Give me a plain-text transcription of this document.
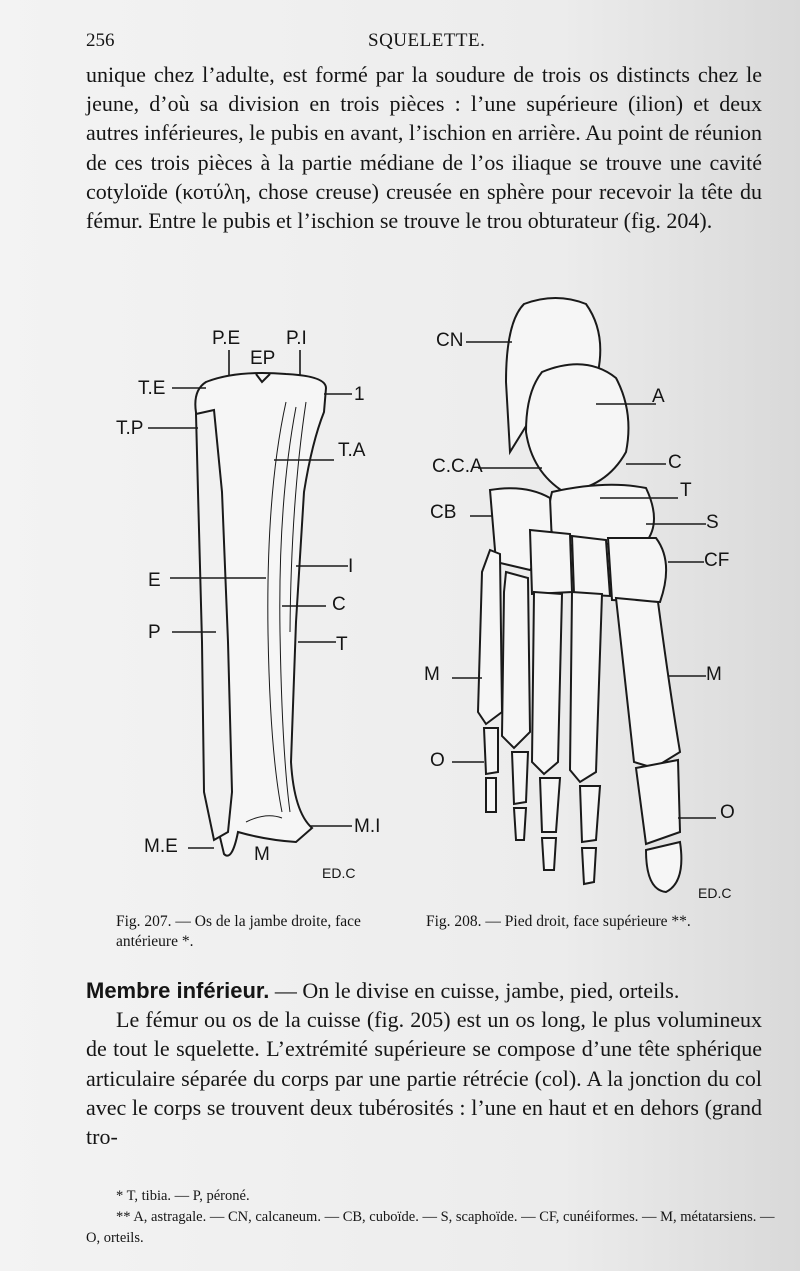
256	SQUELETTE.

unique chez l’adulte, est formé par la soudure de trois os distincts chez le jeune, d’où sa division en trois pièces : l’une supérieure (ilion) et deux autres inférieures, le pubis en avant, l’ischion en arrière. Au point de réunion de ces trois pièces à la partie médiane de l’os iliaque se trouve une cavité cotyloïde (κοτύλη, chose creuse) creusée en sphère pour recevoir la tête du fémur. Entre le pubis et l’ischion se trouve le trou obturateur (fig. 204).

P.E P.I
EP
T.E
T.P
1
T.A
E
I
C
P
T
M.E	M
M.I
ED.C
CN
A
C.C.A	C
T
CB	S
CF
M	M
O
O
ED.C
Fig. 207. — Os de la jambe droite, face antérieure *.
Fig. 208. — Pied droit, face supérieure **.

Membre inférieur. — On le divise en cuisse, jambe, pied, orteils.

Le fémur ou os de la cuisse (fig. 205) est un os long, le plus volumineux de tout le squelette. L’extrémité supérieure se compose d’une tête sphérique articulaire séparée du corps par une partie rétrécie (col). A la jonction du col avec le corps se trouvent deux tubérosités : l’une en haut et en dehors (grand tro-

* T, tibia. — P, péroné.

** A, astragale. — CN, calcaneum. — CB, cuboïde. — S, scaphoïde. — CF, cunéiformes. — M, métatarsiens. — O, orteils.
